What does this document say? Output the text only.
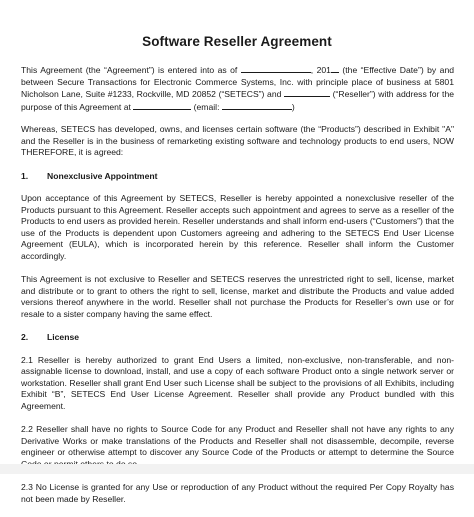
Software Reseller Agreement

This Agreement (the “Agreement”) is entered into as of	, 201 (the “Effective Date”) by and between Secure Transactions for Electronic Commerce Systems, Inc. with principle place of business at 5801 Nicholson Lane, Suite #1233, Rockville, MD 20852 (“SETECS”) and	(“Reseller”) with address for the purpose of this Agreement at	(email:	)

Whereas, SETECS has developed, owns, and licenses certain software (the “Products”) described in Exhibit "A" and the Reseller is in the business of remarketing existing software and technology products to end users, NOW THEREFORE, it is agreed:

1. Nonexclusive Appointment

Upon acceptance of this Agreement by SETECS, Reseller is hereby appointed a nonexclusive reseller of the Products pursuant to this Agreement. Reseller accepts such appointment and agrees to serve as a reseller of the Products to end users as provided herein. Reseller understands and shall inform end-users (“Customers”) that the use of the Products is dependent upon Customers agreeing and adhering to the SETECS End User License Agreement (EULA), which is incorporated herein by this reference. Reseller shall inform the Customer accordingly.

This Agreement is not exclusive to Reseller and SETECS reserves the unrestricted right to sell, license, market and distribute or to grant to others the right to sell, license, market and distribute the Products and value added versions thereof anywhere in the world. Reseller shall not purchase the Products for Reseller’s own use or for resale to a sister company having the same effect.

2. License

2.1 Reseller is hereby authorized to grant End Users a limited, non-exclusive, non-transferable, and non-assignable license to download, install, and use a copy of each software Product onto a single network server or workstation. Reseller shall grant End User such License shall be subject to the provisions of all Exhibits, including Exhibit “B”, SETECS End User License Agreement. Reseller shall provide any Product bundled with this Agreement.

2.2 Reseller shall have no rights to Source Code for any Product and Reseller shall not have any rights to any Derivative Works or make translations of the Products and Reseller shall not disassemble, decompile, reverse engineer or otherwise attempt to discover any Source Code of the Products or attempt to determine the Source

2.3 No License is granted for any Use or reproduction of any Product without the required Per Copy Royalty has not been made by Reseller.
